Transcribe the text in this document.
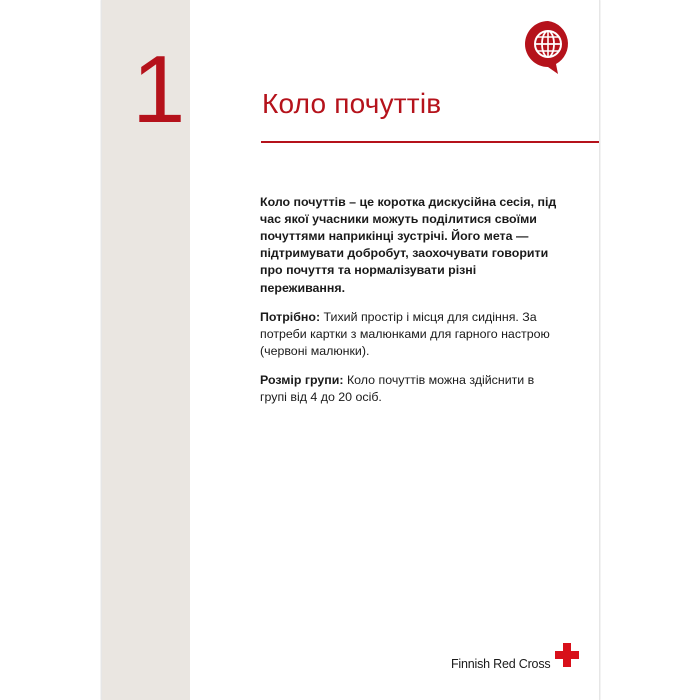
1	Коло почуттів

Коло почуттів – це коротка дискусійна сесія, під час якої учасники можуть поділитися своїми почуттями наприкінці зустрічі. Його мета — підтримувати добробут, заохочувати говорити про почуття та нормалізувати різні переживання.

Потрібно: Тихий простір і місця для сидіння. За потреби картки з малюнками для гарного настрою (червоні малюнки).

Розмір групи: Коло почуттів можна здійснити в групі від 4 до 20 осіб.

Finnish Red Cross
